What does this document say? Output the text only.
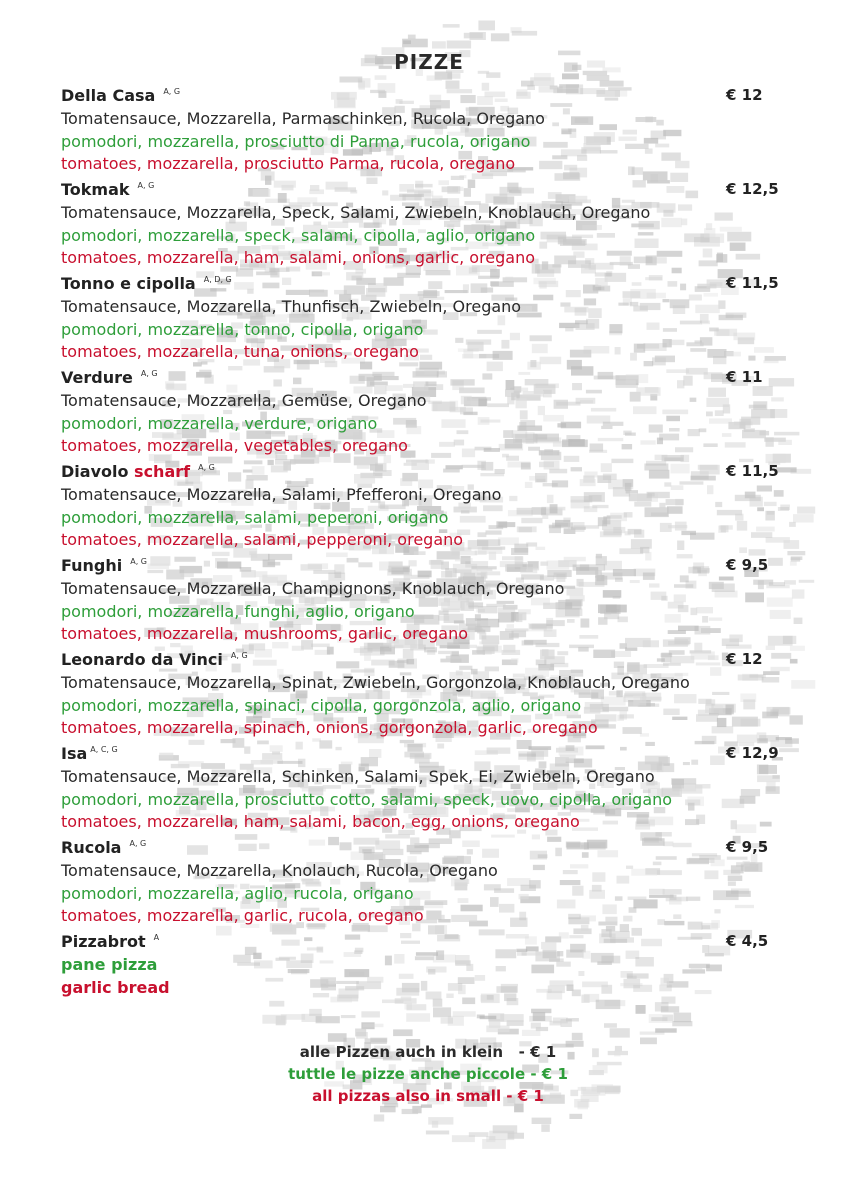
PIZZE
Della Casa $^{A, G}$	€ 12
Tomatensauce, Mozzarella, Parmaschinken, Rucola, Oregano
pomodori, mozzarella, prosciutto di Parma, rucola, origano
tomatoes, mozzarella, prosciutto Parma, rucola, oregano
Tokmak $^{A, G}$	€ 12,5
Tomatensauce, Mozzarella, Speck, Salami, Zwiebeln, Knoblauch, Oregano
pomodori, mozzarella, speck, salami, cipolla, aglio, origano
tomatoes, mozzarella, ham, salami, onions, garlic, oregano
Tonno e cipolla $^{A, D, G}$	€ 11,5
Tomatensauce, Mozzarella, Thunfisch, Zwiebeln, Oregano
pomodori, mozzarella, tonno, cipolla, origano
tomatoes, mozzarella, tuna, onions, oregano
Verdure $^{A, G}$	€ 11
Tomatensauce, Mozzarella, Gemüse, Oregano
pomodori, mozzarella, verdure, origano
tomatoes, mozzarella, vegetables, oregano
Diavolo scharf $^{A, G}$	€ 11,5
Tomatensauce, Mozzarella, Salami, Pfefferoni, Oregano
pomodori, mozzarella, salami, peperoni, origano
tomatoes, mozzarella, salami, pepperoni, oregano
Funghi $^{A, G}$	€ 9,5
Tomatensauce, Mozzarella, Champignons, Knoblauch, Oregano
pomodori, mozzarella, funghi, aglio, origano
tomatoes, mozzarella, mushrooms, garlic, oregano
Leonardo da Vinci $^{A, G}$	€ 12
Tomatensauce, Mozzarella, Spinat, Zwiebeln, Gorgonzola, Knoblauch, Oregano
pomodori, mozzarella, spinaci, cipolla, gorgonzola, aglio, origano
tomatoes, mozzarella, spinach, onions, gorgonzola, garlic, oregano
Isa $^{A, C, G}$	€ 12,9
Tomatensauce, Mozzarella, Schinken, Salami, Spek, Ei, Zwiebeln, Oregano
pomodori, mozzarella, prosciutto cotto, salami, speck, uovo, cipolla, origano
tomatoes, mozzarella, ham, salami, bacon, egg, onions, oregano
Rucola $^{A, G}$	€ 9,5
Tomatensauce, Mozzarella, Knolauch, Rucola, Oregano
pomodori, mozzarella, aglio, rucola, origano
tomatoes, mozzarella, garlic, rucola, oregano
Pizzabrot $^A$	€ 4,5
pane pizza
garlic bread
alle Pizzen auch in klein   - € 1
tuttle le pizze anche piccole - € 1
all pizzas also in small - € 1
